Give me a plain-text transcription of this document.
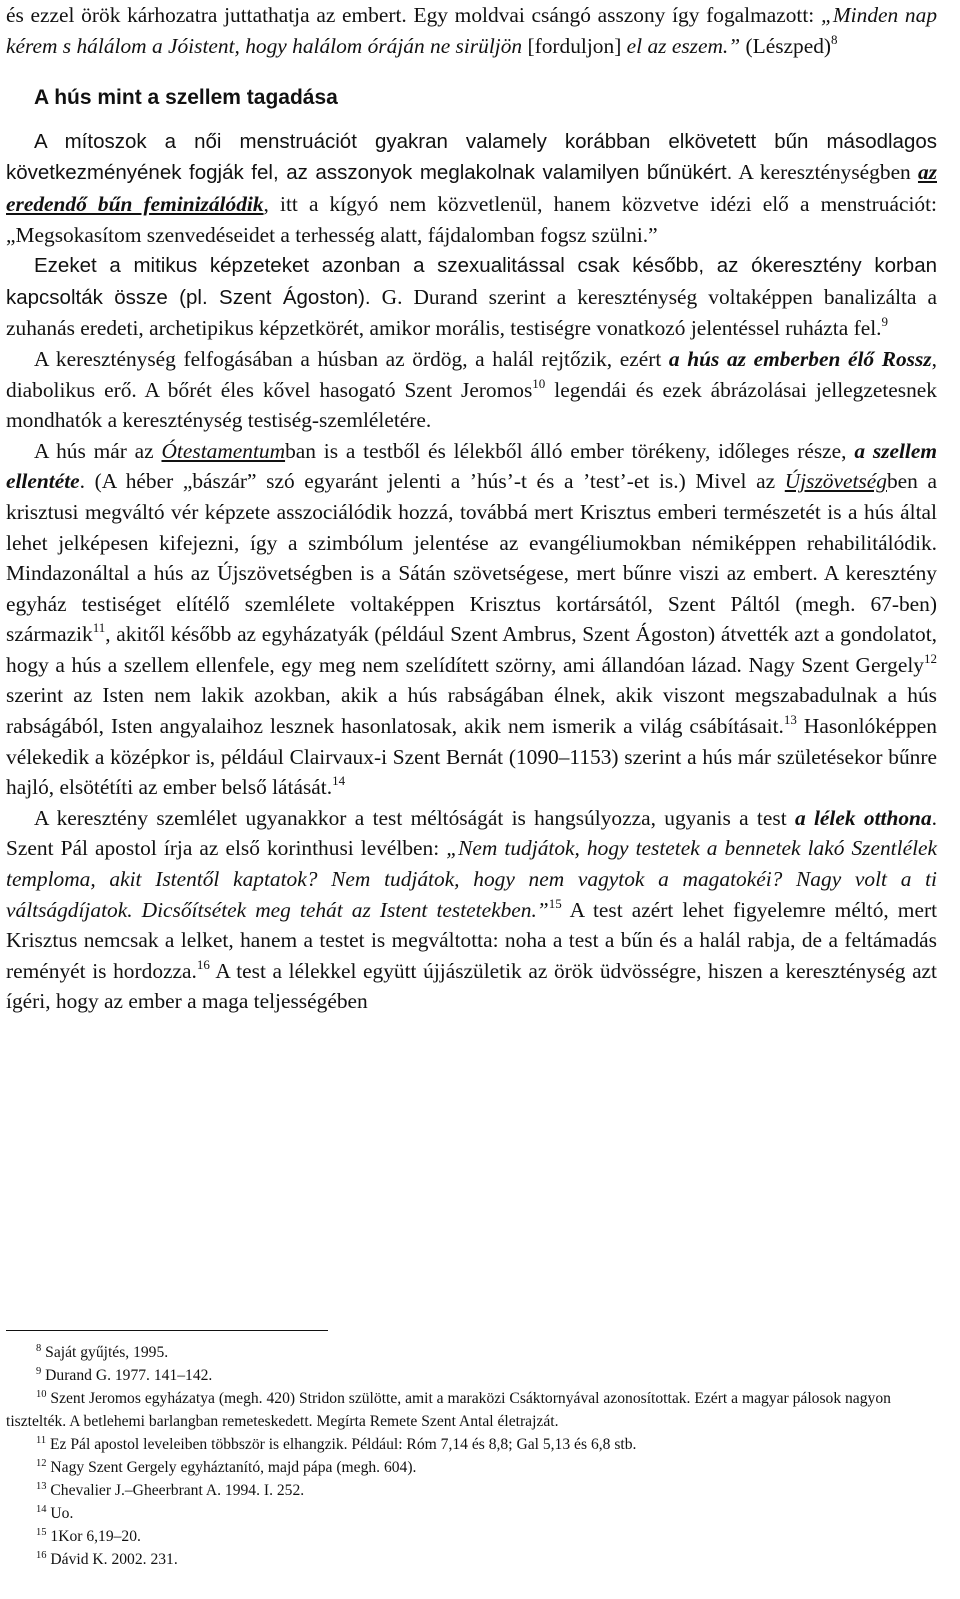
és ezzel örök kárhozatra juttathatja az embert. Egy moldvai csángó asszony így fogalmazott: „Minden nap kérem s hálálom a Jóistent, hogy halálom óráján ne sirüljön [forduljon] el az eszem.” (Lészped)$^8$

A hús mint a szellem tagadása

A mítoszok a női menstruációt gyakran valamely korábban elkövetett bűn másodlagos következményének fogják fel, az asszonyok meglakolnak valamilyen bűnükért. A kereszténységben az eredendő bűn feminizálódik, itt a kígyó nem közvetlenül, hanem közvetve idézi elő a menstruációt: „Megsokasítom szenvedéseidet a terhesség alatt, fájdalomban fogsz szülni.”

Ezeket a mitikus képzeteket azonban a szexualitással csak később, az ókeresztény korban kapcsolták össze (pl. Szent Ágoston). G. Durand szerint a kereszténység voltaképpen banalizálta a zuhanás eredeti, archetipikus képzetkörét, amikor morális, testiségre vonatkozó jelentéssel ruházta fel.$^9$

A kereszténység felfogásában a húsban az ördög, a halál rejtőzik, ezért a hús az emberben élő Rossz, diabolikus erő. A bőrét éles kővel hasogató Szent Jeromos$^{10}$ legendái és ezek ábrázolásai jellegzetesnek mondhatók a kereszténység testiség-szemléletére.

A hús már az Ótestamentumban is a testből és lélekből álló ember törékeny, időleges része, a szellem ellentéte. (A héber „bászár” szó egyaránt jelenti a ’hús’-t és a ’test’-et is.) Mivel az Újszövetségben a krisztusi megváltó vér képzete asszociálódik hozzá, továbbá mert Krisztus emberi természetét is a hús által lehet jelképesen kifejezni, így a szimbólum jelentése az evangéliumokban némiképpen rehabilitálódik. Mindazonáltal a hús az Újszövetségben is a Sátán szövetségese, mert bűnre viszi az embert. A keresztény egyház testiséget elítélő szemlélete voltaképpen Krisztus kortársától, Szent Páltól (megh. 67-ben) származik$^{11}$, akitől később az egyházatyák (például Szent Ambrus, Szent Ágoston) átvették azt a gondolatot, hogy a hús a szellem ellenfele, egy meg nem szelídített szörny, ami állandóan lázad. Nagy Szent Gergely$^{12}$ szerint az Isten nem lakik azokban, akik a hús rabságában élnek, akik viszont megszabadulnak a hús rabságából, Isten angyalaihoz lesznek hasonlatosak, akik nem ismerik a világ csábításait.$^{13}$ Hasonlóképpen vélekedik a középkor is, például Clairvaux-i Szent Bernát (1090–1153) szerint a hús már születésekor bűnre hajló, elsötétíti az ember belső látását.$^{14}$

A keresztény szemlélet ugyanakkor a test méltóságát is hangsúlyozza, ugyanis a test a lélek otthona. Szent Pál apostol írja az első korinthusi levélben: „Nem tudjátok, hogy testetek a bennetek lakó Szentlélek temploma, akit Istentől kaptatok? Nem tudjátok, hogy nem vagytok a magatokéi? Nagy volt a ti váltságdíjatok. Dicsőítsétek meg tehát az Istent testetekben.”$^{15}$ A test azért lehet figyelemre méltó, mert Krisztus nemcsak a lelket, hanem a testet is megváltotta: noha a test a bűn és a halál rabja, de a feltámadás reményét is hordozza.$^{16}$ A test a lélekkel együtt újjászületik az örök üdvösségre, hiszen a kereszténység azt ígéri, hogy az ember a maga teljességében

$^8$ Saját gyűjtés, 1995.
$^9$ Durand G. 1977. 141–142.
$^{10}$ Szent Jeromos egyházatya (megh. 420) Stridon szülötte, amit a maraközi Csáktornyával azonosítottak. Ezért a magyar pálosok nagyon tisztelték. A betlehemi barlangban remeteskedett. Megírta Remete Szent Antal életrajzát.
$^{11}$ Ez Pál apostol leveleiben többször is elhangzik. Például: Róm 7,14 és 8,8; Gal 5,13 és 6,8 stb.
$^{12}$ Nagy Szent Gergely egyháztanító, majd pápa (megh. 604).
$^{13}$ Chevalier J.–Gheerbrant A. 1994. I. 252.
$^{14}$ Uo.
$^{15}$ 1Kor 6,19–20.
$^{16}$ Dávid K. 2002. 231.
